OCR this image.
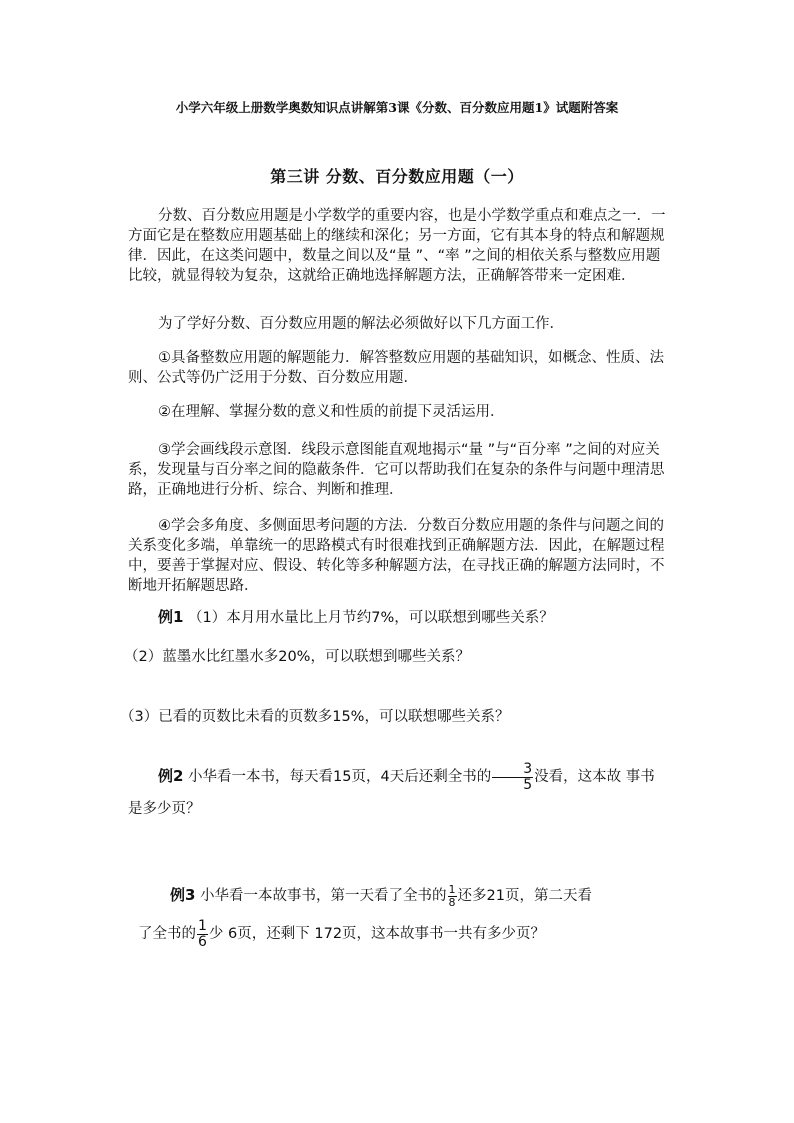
小学六年级上册数学奥数知识点讲解第3课《分数、百分数应用题1》试题附答案
第三讲 分数、百分数应用题（一）
分数、百分数应用题是小学数学的重要内容，也是小学数学重点和难点之一．一方面它是在整数应用题基础上的继续和深化；另一方面，它有其本身的特点和解题规律．因此，在这类问题中，数量之间以及“量 ”、“率 ”之间的相依关系与整数应用题比较，就显得较为复杂，这就给正确地选择解题方法，正确解答带来一定困难．
为了学好分数、百分数应用题的解法必须做好以下几方面工作．
①具备整数应用题的解题能力．解答整数应用题的基础知识，如概念、性质、法则、公式等仍广泛用于分数、百分数应用题．
②在理解、掌握分数的意义和性质的前提下灵活运用．
③学会画线段示意图．线段示意图能直观地揭示“量 ”与“百分率 ”之间的对应关系，发现量与百分率之间的隐蔽条件．它可以帮助我们在复杂的条件与问题中理清思路，正确地进行分析、综合、判断和推理．
④学会多角度、多侧面思考问题的方法．分数百分数应用题的条件与问题之间的关系变化多端，单靠统一的思路模式有时很难找到正确解题方法．因此，在解题过程中，要善于掌握对应、假设、转化等多种解题方法，在寻找正确的解题方法同时，不断地开拓解题思路．
例1 （1）本月用水量比上月节约7%，可以联想到哪些关系？
（2）蓝墨水比红墨水多20%，可以联想到哪些关系？
（3）已看的页数比未看的页数多15%，可以联想哪些关系？
例2 小华看一本书，每天看15页，4天后还剩全书的 $\frac{3}{5}$ 没看，这本故 事书是多少页？
例3 小华看一本故事书，第一天看了全书的 $\frac{1}{8}$ 还多21页，第二天看
了全书的 $\frac{1}{6}$ 少 6页，还剩下 172页，这本故事书一共有多少页？
